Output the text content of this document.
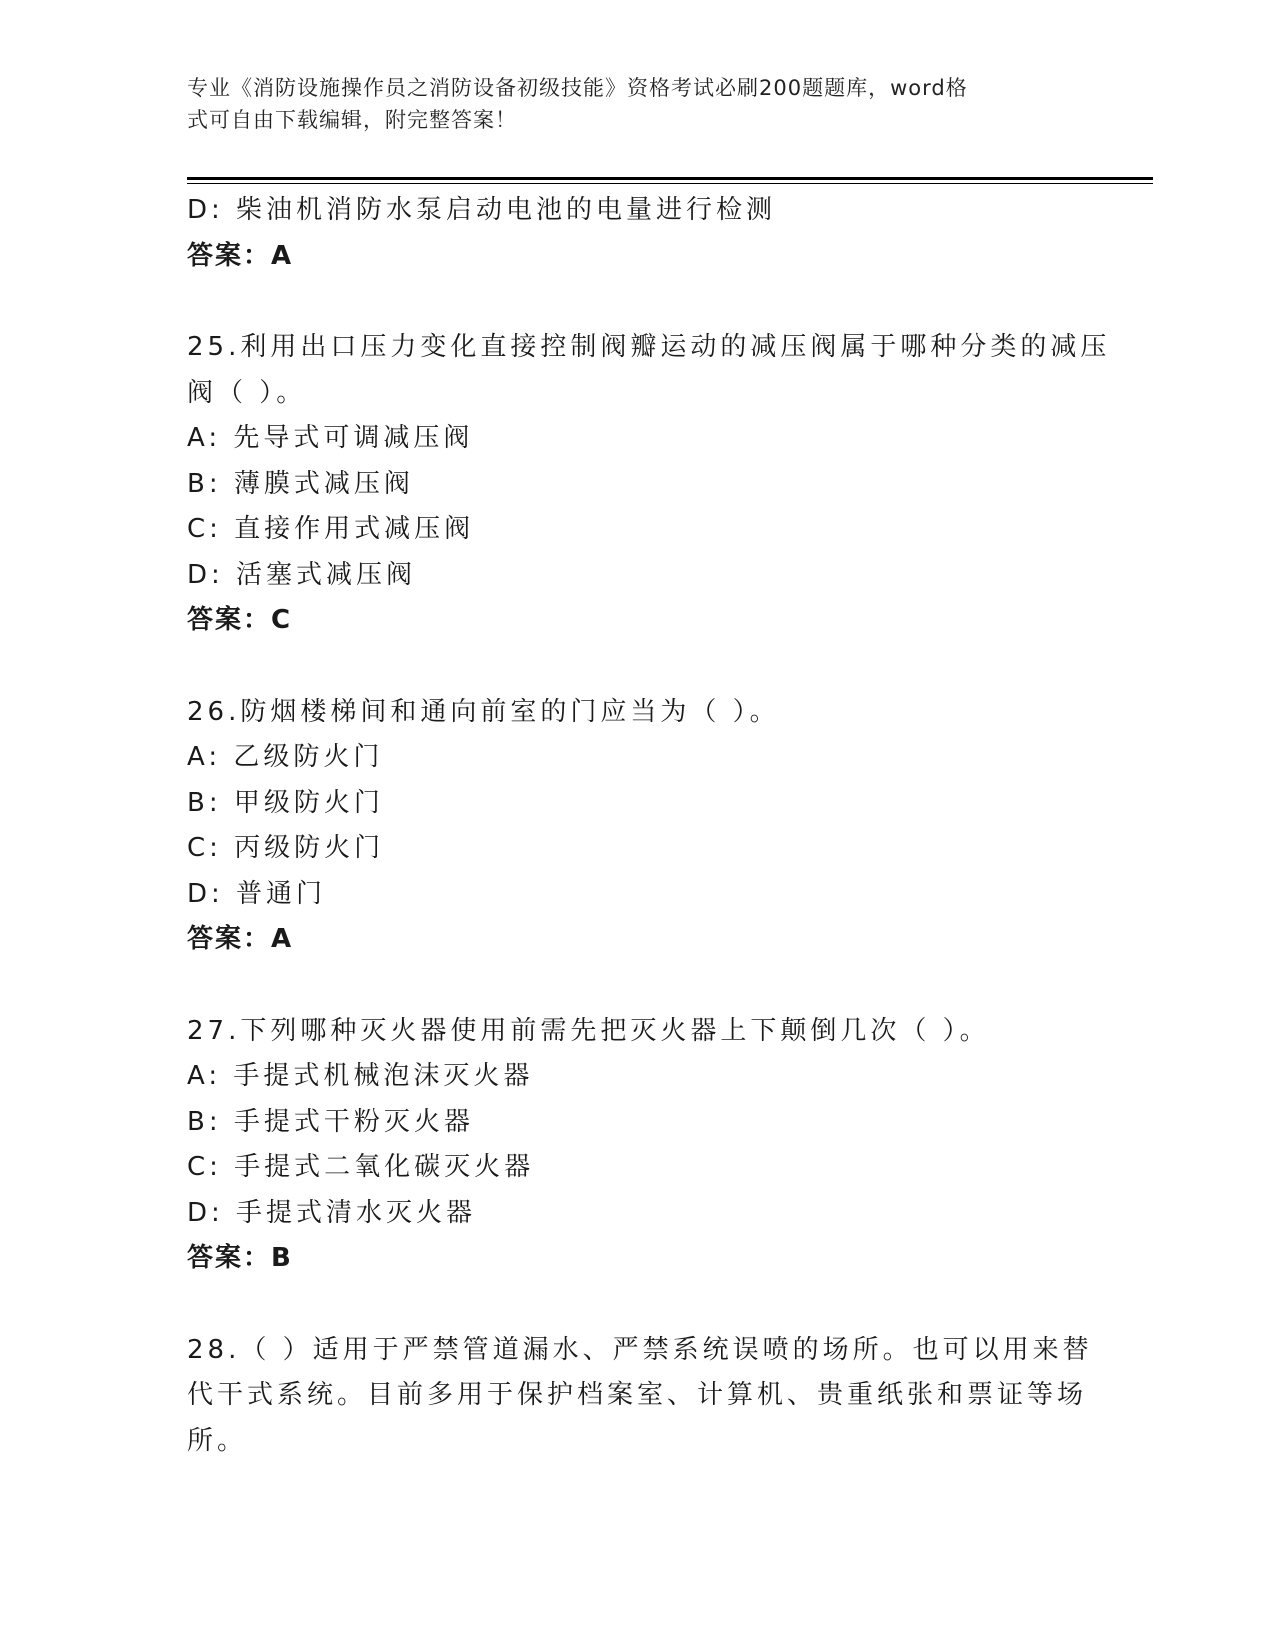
专业《消防设施操作员之消防设备初级技能》资格考试必刷200题题库，word格
式可自由下载编辑，附完整答案！
D: 柴油机消防水泵启动电池的电量进行检测
答案：A
25.利用出口压力变化直接控制阀瓣运动的减压阀属于哪种分类的减压
阀（ ）。
A: 先导式可调减压阀
B: 薄膜式减压阀
C: 直接作用式减压阀
D: 活塞式减压阀
答案：C
26.防烟楼梯间和通向前室的门应当为（ ）。
A: 乙级防火门
B: 甲级防火门
C: 丙级防火门
D: 普通门
答案：A
27.下列哪种灭火器使用前需先把灭火器上下颠倒几次（ ）。
A: 手提式机械泡沫灭火器
B: 手提式干粉灭火器
C: 手提式二氧化碳灭火器
D: 手提式清水灭火器
答案：B
28.（ ）适用于严禁管道漏水、严禁系统误喷的场所。也可以用来替
代干式系统。目前多用于保护档案室、计算机、贵重纸张和票证等场
所。
